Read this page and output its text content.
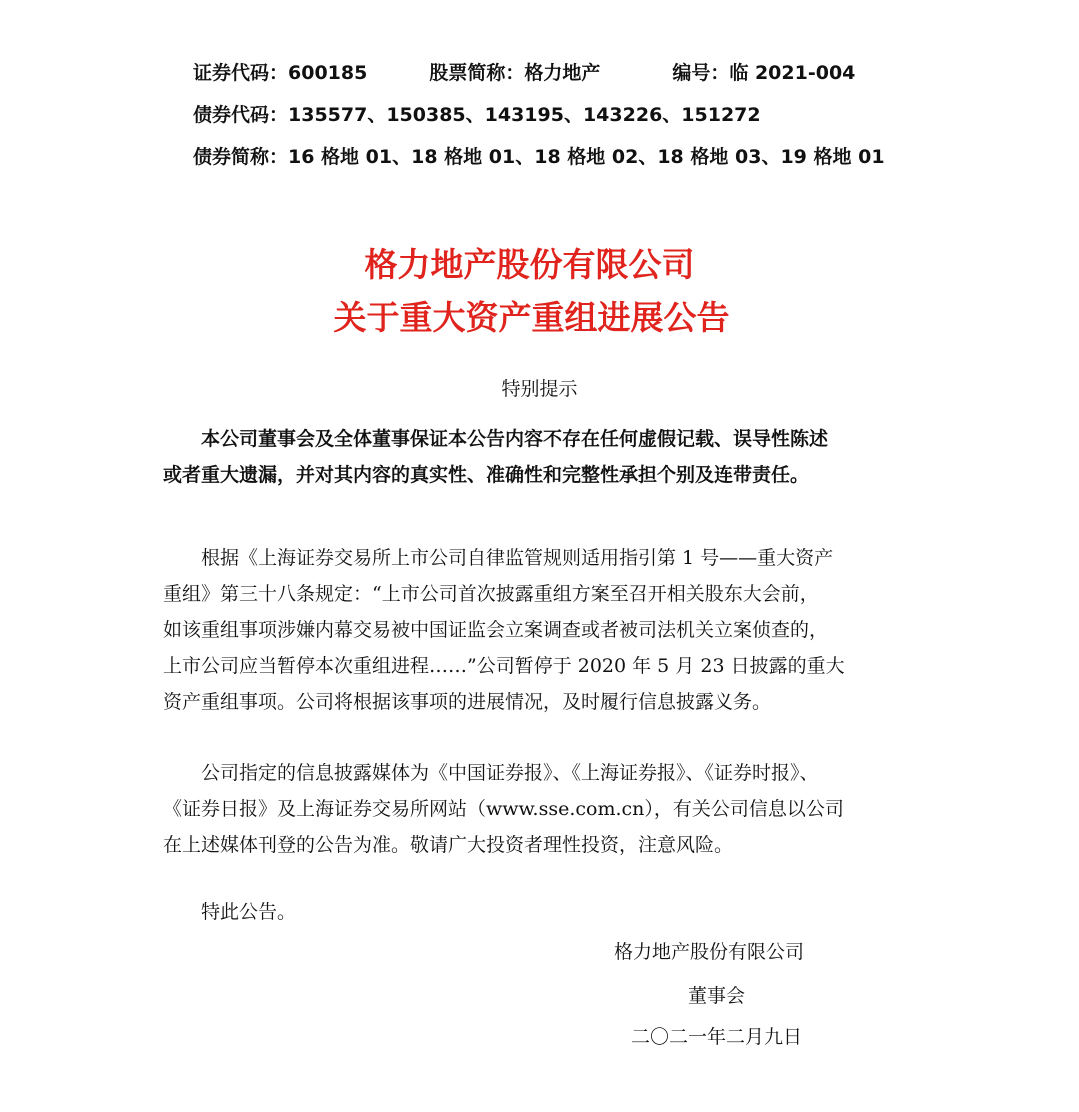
证券代码：600185	股票简称：格力地产	编号：临 2021-004
债券代码：135577、150385、143195、143226、151272
债券简称：16 格地 01、18 格地 01、18 格地 02、18 格地 03、19 格地 01
格力地产股份有限公司
关于重大资产重组进展公告
特别提示
　　本公司董事会及全体董事保证本公告内容不存在任何虚假记载、误导性陈述
或者重大遗漏，并对其内容的真实性、准确性和完整性承担个别及连带责任。
　　根据《上海证券交易所上市公司自律监管规则适用指引第 1 号——重大资产
重组》第三十八条规定：“上市公司首次披露重组方案至召开相关股东大会前，
如该重组事项涉嫌内幕交易被中国证监会立案调查或者被司法机关立案侦查的，
上市公司应当暂停本次重组进程……”公司暂停于 2020 年 5 月 23 日披露的重大
资产重组事项。公司将根据该事项的进展情况，及时履行信息披露义务。
　　公司指定的信息披露媒体为《中国证券报》、《上海证券报》、《证券时报》、
《证券日报》及上海证券交易所网站（www.sse.com.cn），有关公司信息以公司
在上述媒体刊登的公告为准。敬请广大投资者理性投资，注意风险。
　　特此公告。
格力地产股份有限公司
董事会
二〇二一年二月九日
